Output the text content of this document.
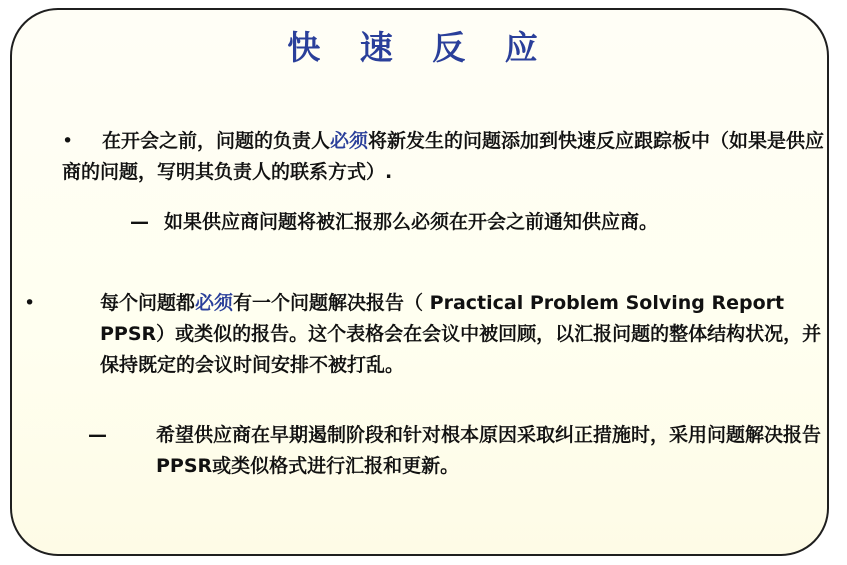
快 速 反 应

• 在开会之前，问题的负责人必须将新发生的问题添加到快速反应跟踪板中（如果是供应商的问题，写明其负责人的联系方式）.

— 如果供应商问题将被汇报那么必须在开会之前通知供应商。

•	每个问题都必须有一个问题解决报告（ Practical Problem Solving Report PPSR）或类似的报告。这个表格会在会议中被回顾，以汇报问题的整体结构状况，并保持既定的会议时间安排不被打乱。

—	希望供应商在早期遏制阶段和针对根本原因采取纠正措施时，采用问题解决报告PPSR或类似格式进行汇报和更新。
